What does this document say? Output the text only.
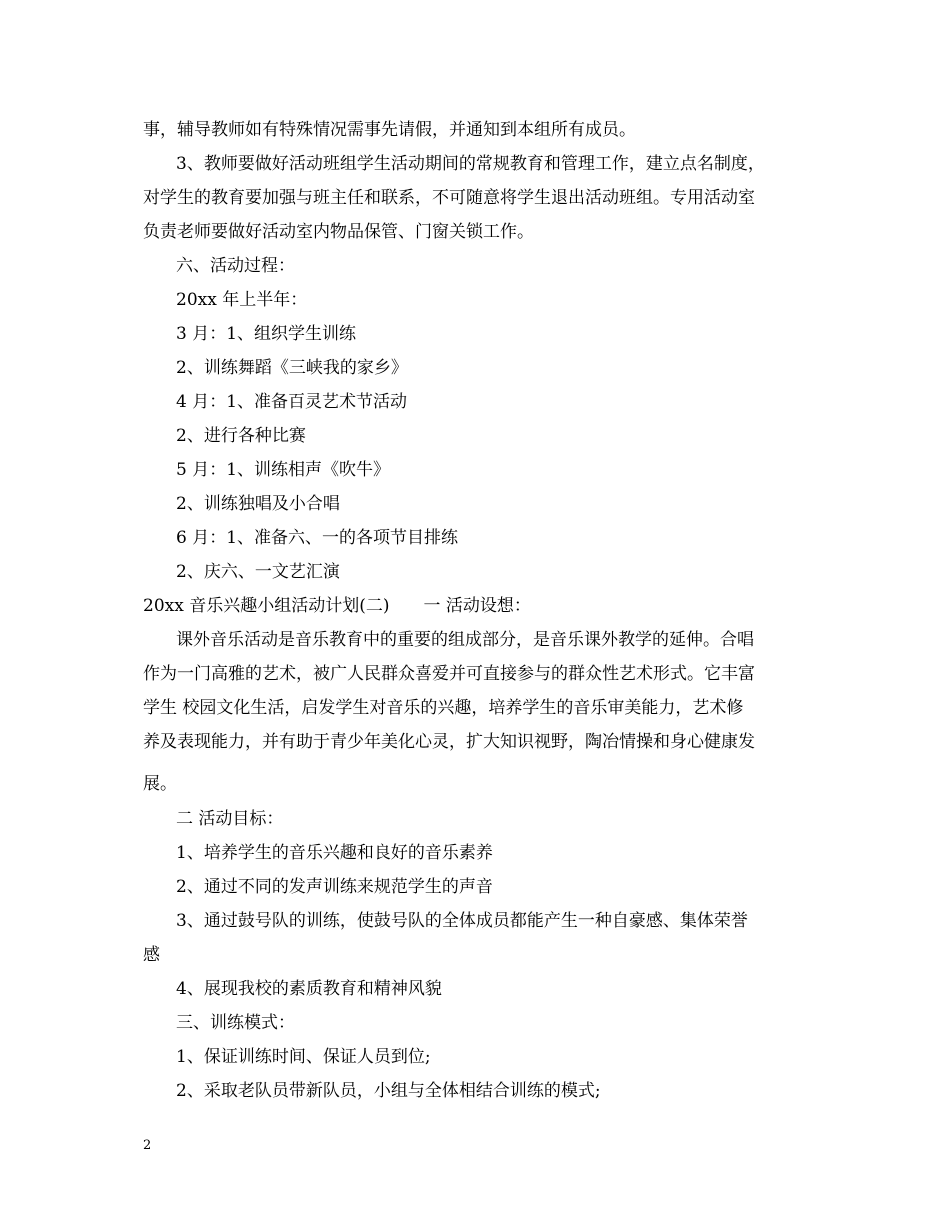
事，辅导教师如有特殊情况需事先请假，并通知到本组所有成员。
3、教师要做好活动班组学生活动期间的常规教育和管理工作，建立点名制度，
对学生的教育要加强与班主任和联系，不可随意将学生退出活动班组。专用活动室
负责老师要做好活动室内物品保管、门窗关锁工作。
六、活动过程：
20xx 年上半年：
3 月：1、组织学生训练
2、训练舞蹈《三峡我的家乡》
4 月：1、准备百灵艺术节活动
2、进行各种比赛
5 月：1、训练相声《吹牛》
2、训练独唱及小合唱
6 月：1、准备六、一的各项节目排练
2、庆六、一文艺汇演
20xx 音乐兴趣小组活动计划(二)　　一 活动设想：
课外音乐活动是音乐教育中的重要的组成部分，是音乐课外教学的延伸。合唱
作为一门高雅的艺术，被广人民群众喜爱并可直接参与的群众性艺术形式。它丰富
学生 校园文化生活，启发学生对音乐的兴趣，培养学生的音乐审美能力，艺术修
养及表现能力，并有助于青少年美化心灵，扩大知识视野，陶冶情操和身心健康发
展。
二 活动目标：
1、培养学生的音乐兴趣和良好的音乐素养
2、通过不同的发声训练来规范学生的声音
3、通过鼓号队的训练，使鼓号队的全体成员都能产生一种自豪感、集体荣誉
感
4、展现我校的素质教育和精神风貌
三、训练模式：
1、保证训练时间、保证人员到位;
2、采取老队员带新队员，小组与全体相结合训练的模式;
2
